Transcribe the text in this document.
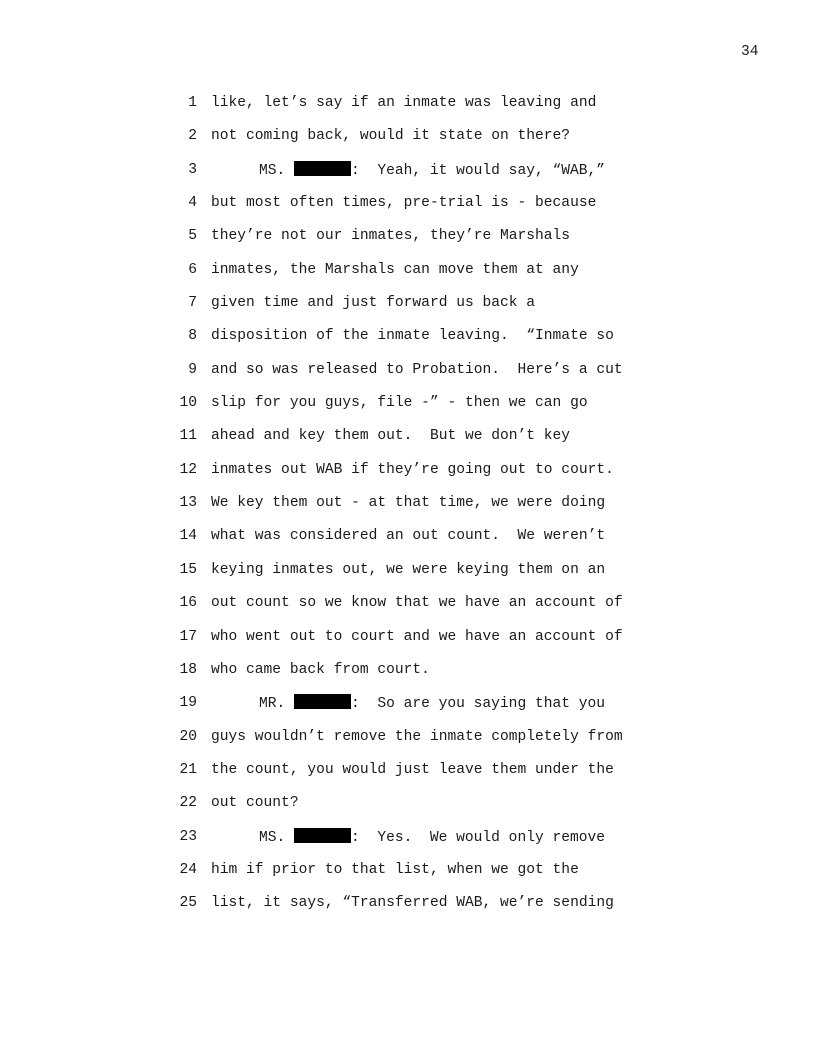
34

1

like, let’s say if an inmate was leaving and

2

not coming back, would it state on there?

3

	MS.	:  Yeah, it would say, “WAB,”

4

but most often times, pre-trial is - because

5

they’re not our inmates, they’re Marshals

6

inmates, the Marshals can move them at any

7

given time and just forward us back a

8

disposition of the inmate leaving.  “Inmate so

9

and so was released to Probation.  Here’s a cut

10

slip for you guys, file -” - then we can go

11

ahead and key them out.  But we don’t key

12

inmates out WAB if they’re going out to court.

13

We key them out - at that time, we were doing

14

what was considered an out count.  We weren’t

15

keying inmates out, we were keying them on an

16

out count so we know that we have an account of

17

who went out to court and we have an account of

18

who came back from court.

19

	MR.	:  So are you saying that you

20

guys wouldn’t remove the inmate completely from

21

the count, you would just leave them under the

22

out count?

23

	MS.	:  Yes.  We would only remove

24

him if prior to that list, when we got the

25

list, it says, “Transferred WAB, we’re sending
